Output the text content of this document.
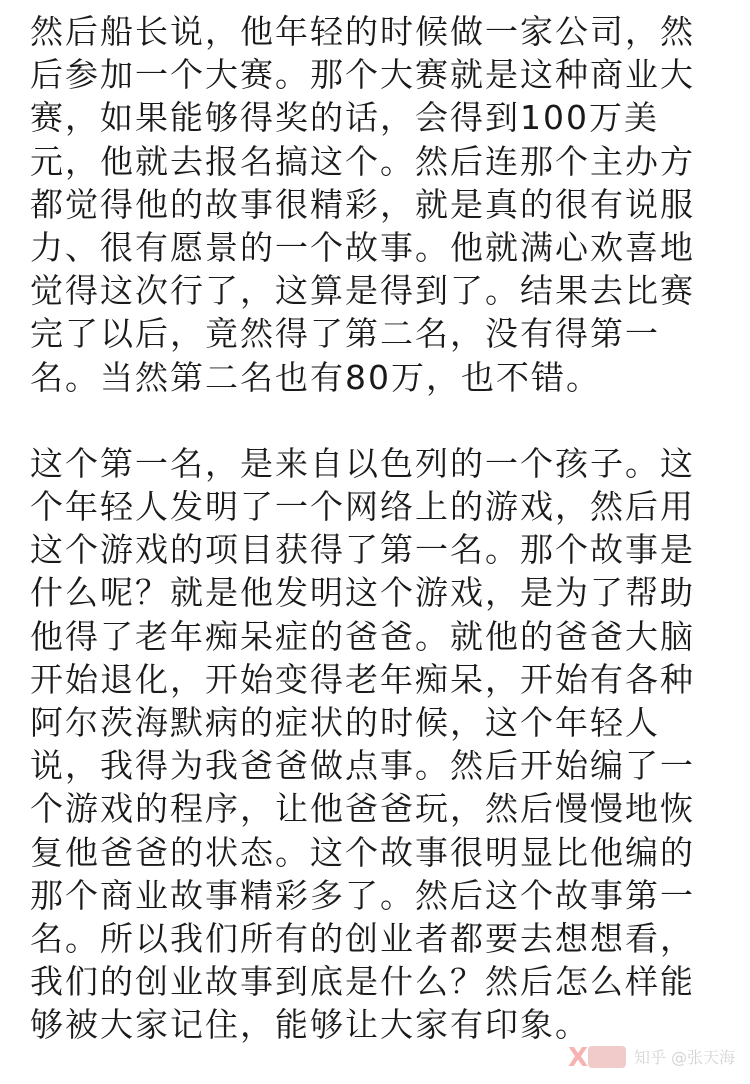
然后船长说，他年轻的时候做一家公司，然
后参加一个大赛。那个大赛就是这种商业大
赛，如果能够得奖的话，会得到100万美
元，他就去报名搞这个。然后连那个主办方
都觉得他的故事很精彩，就是真的很有说服
力、很有愿景的一个故事。他就满心欢喜地
觉得这次行了，这算是得到了。结果去比赛
完了以后，竟然得了第二名，没有得第一
名。当然第二名也有80万，也不错。
这个第一名，是来自以色列的一个孩子。这
个年轻人发明了一个网络上的游戏，然后用
这个游戏的项目获得了第一名。那个故事是
什么呢？就是他发明这个游戏，是为了帮助
他得了老年痴呆症的爸爸。就他的爸爸大脑
开始退化，开始变得老年痴呆，开始有各种
阿尔茨海默病的症状的时候，这个年轻人
说，我得为我爸爸做点事。然后开始编了一
个游戏的程序，让他爸爸玩，然后慢慢地恢
复他爸爸的状态。这个故事很明显比他编的
那个商业故事精彩多了。然后这个故事第一
名。所以我们所有的创业者都要去想想看，
我们的创业故事到底是什么？然后怎么样能
够被大家记住，能够让大家有印象。
X	知乎 @张天海
